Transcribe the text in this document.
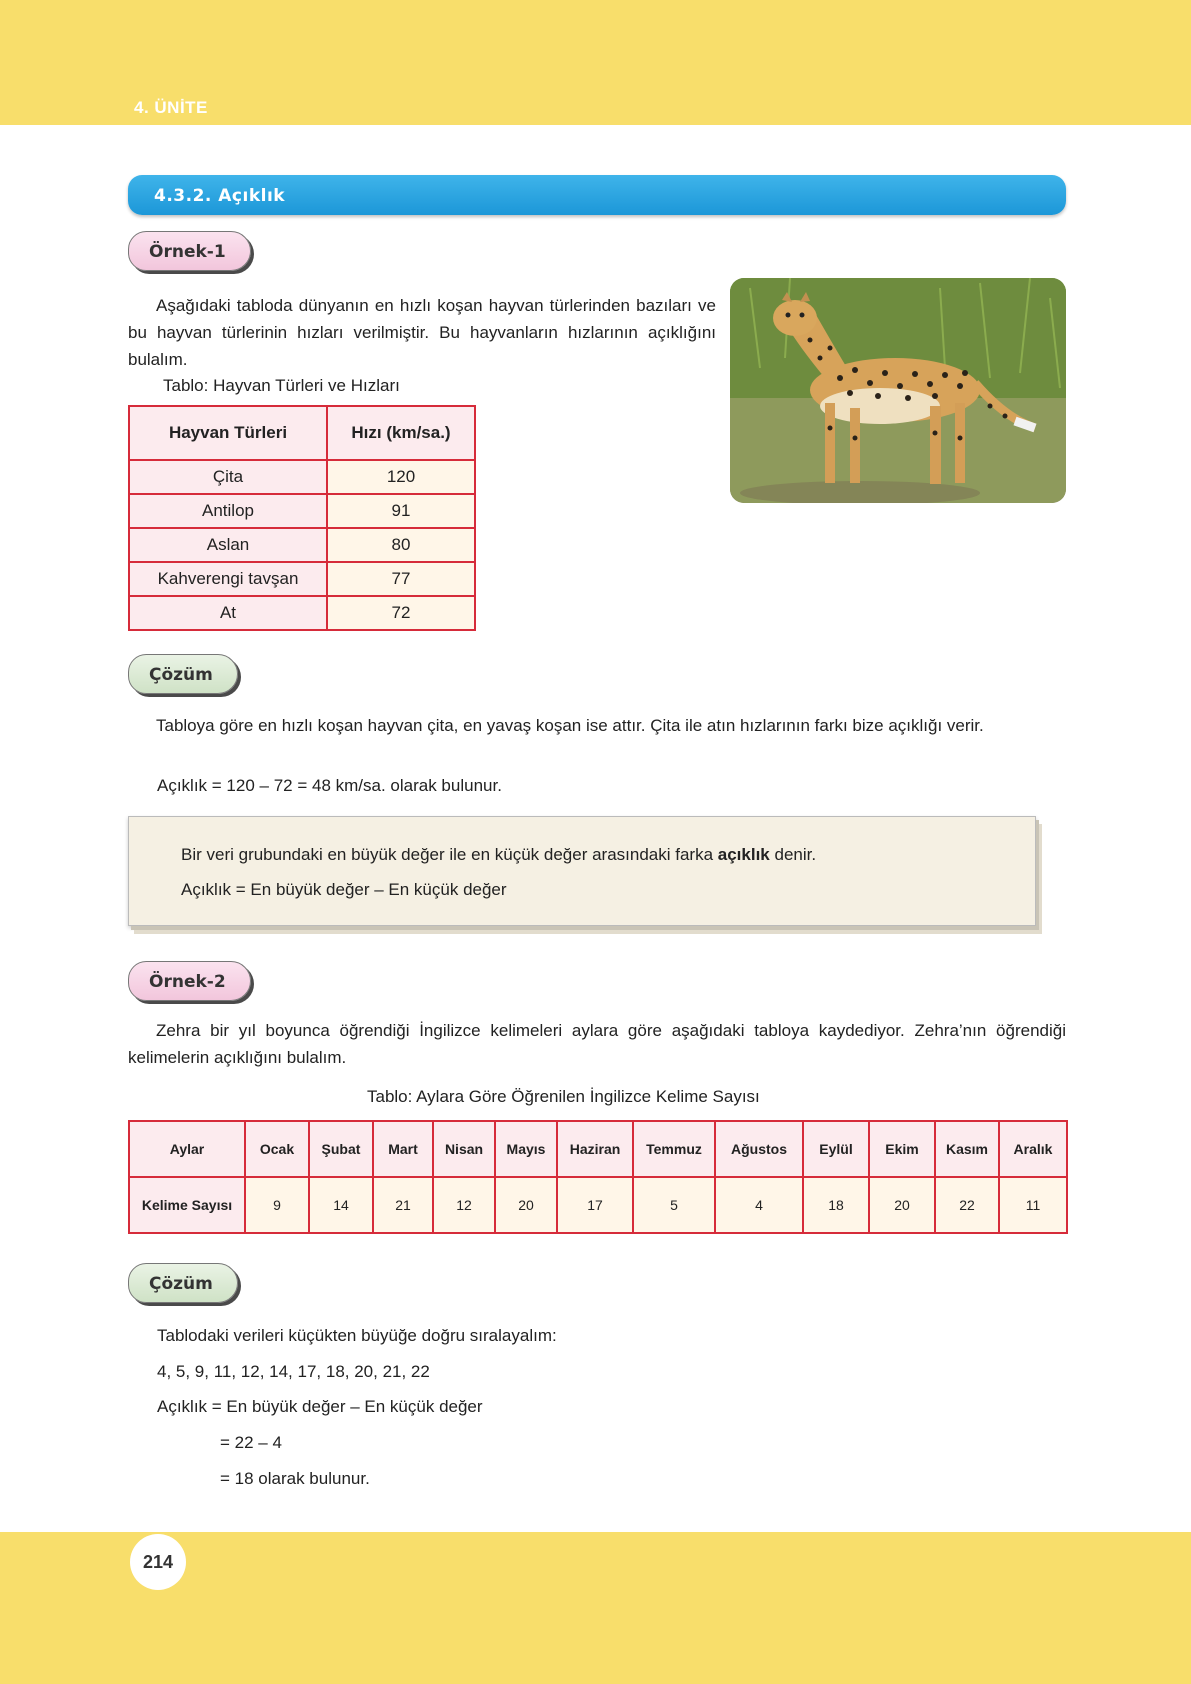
4. ÜNİTE
4.3.2. Açıklık
Örnek-1
Aşağıdaki tabloda dünyanın en hızlı koşan hayvan türlerinden bazıları ve bu hayvan türlerinin hızları verilmiştir. Bu hayvanların hızlarının açıklığını bulalım.
Tablo: Hayvan Türleri ve Hızları
Hayvan Türleri	Hızı (km/sa.)
Çita	120
Antilop	91
Aslan	80
Kahverengi tavşan	77
At	72
Çözüm
Tabloya göre en hızlı koşan hayvan çita, en yavaş koşan ise attır. Çita ile atın hızlarının farkı bize açıklığı verir.
Açıklık = 120 – 72 = 48 km/sa. olarak bulunur.
Bir veri grubundaki en büyük değer ile en küçük değer arasındaki farka açıklık denir.
Açıklık = En büyük değer – En küçük değer
Örnek-2
Zehra bir yıl boyunca öğrendiği İngilizce kelimeleri aylara göre aşağıdaki tabloya kaydediyor. Zehra’nın öğrendiği kelimelerin açıklığını bulalım.
Tablo: Aylara Göre Öğrenilen İngilizce Kelime Sayısı
Aylar	Ocak	Şubat	Mart	Nisan	Mayıs	Haziran	Temmuz	Ağustos	Eylül	Ekim	Kasım	Aralık
Kelime Sayısı	9	14	21	12	20	17	5	4	18	20	22	11
Çözüm
Tablodaki verileri küçükten büyüğe doğru sıralayalım:
4, 5, 9, 11, 12, 14, 17, 18, 20, 21, 22
Açıklık = En büyük değer – En küçük değer
= 22 – 4
= 18 olarak bulunur.
214
